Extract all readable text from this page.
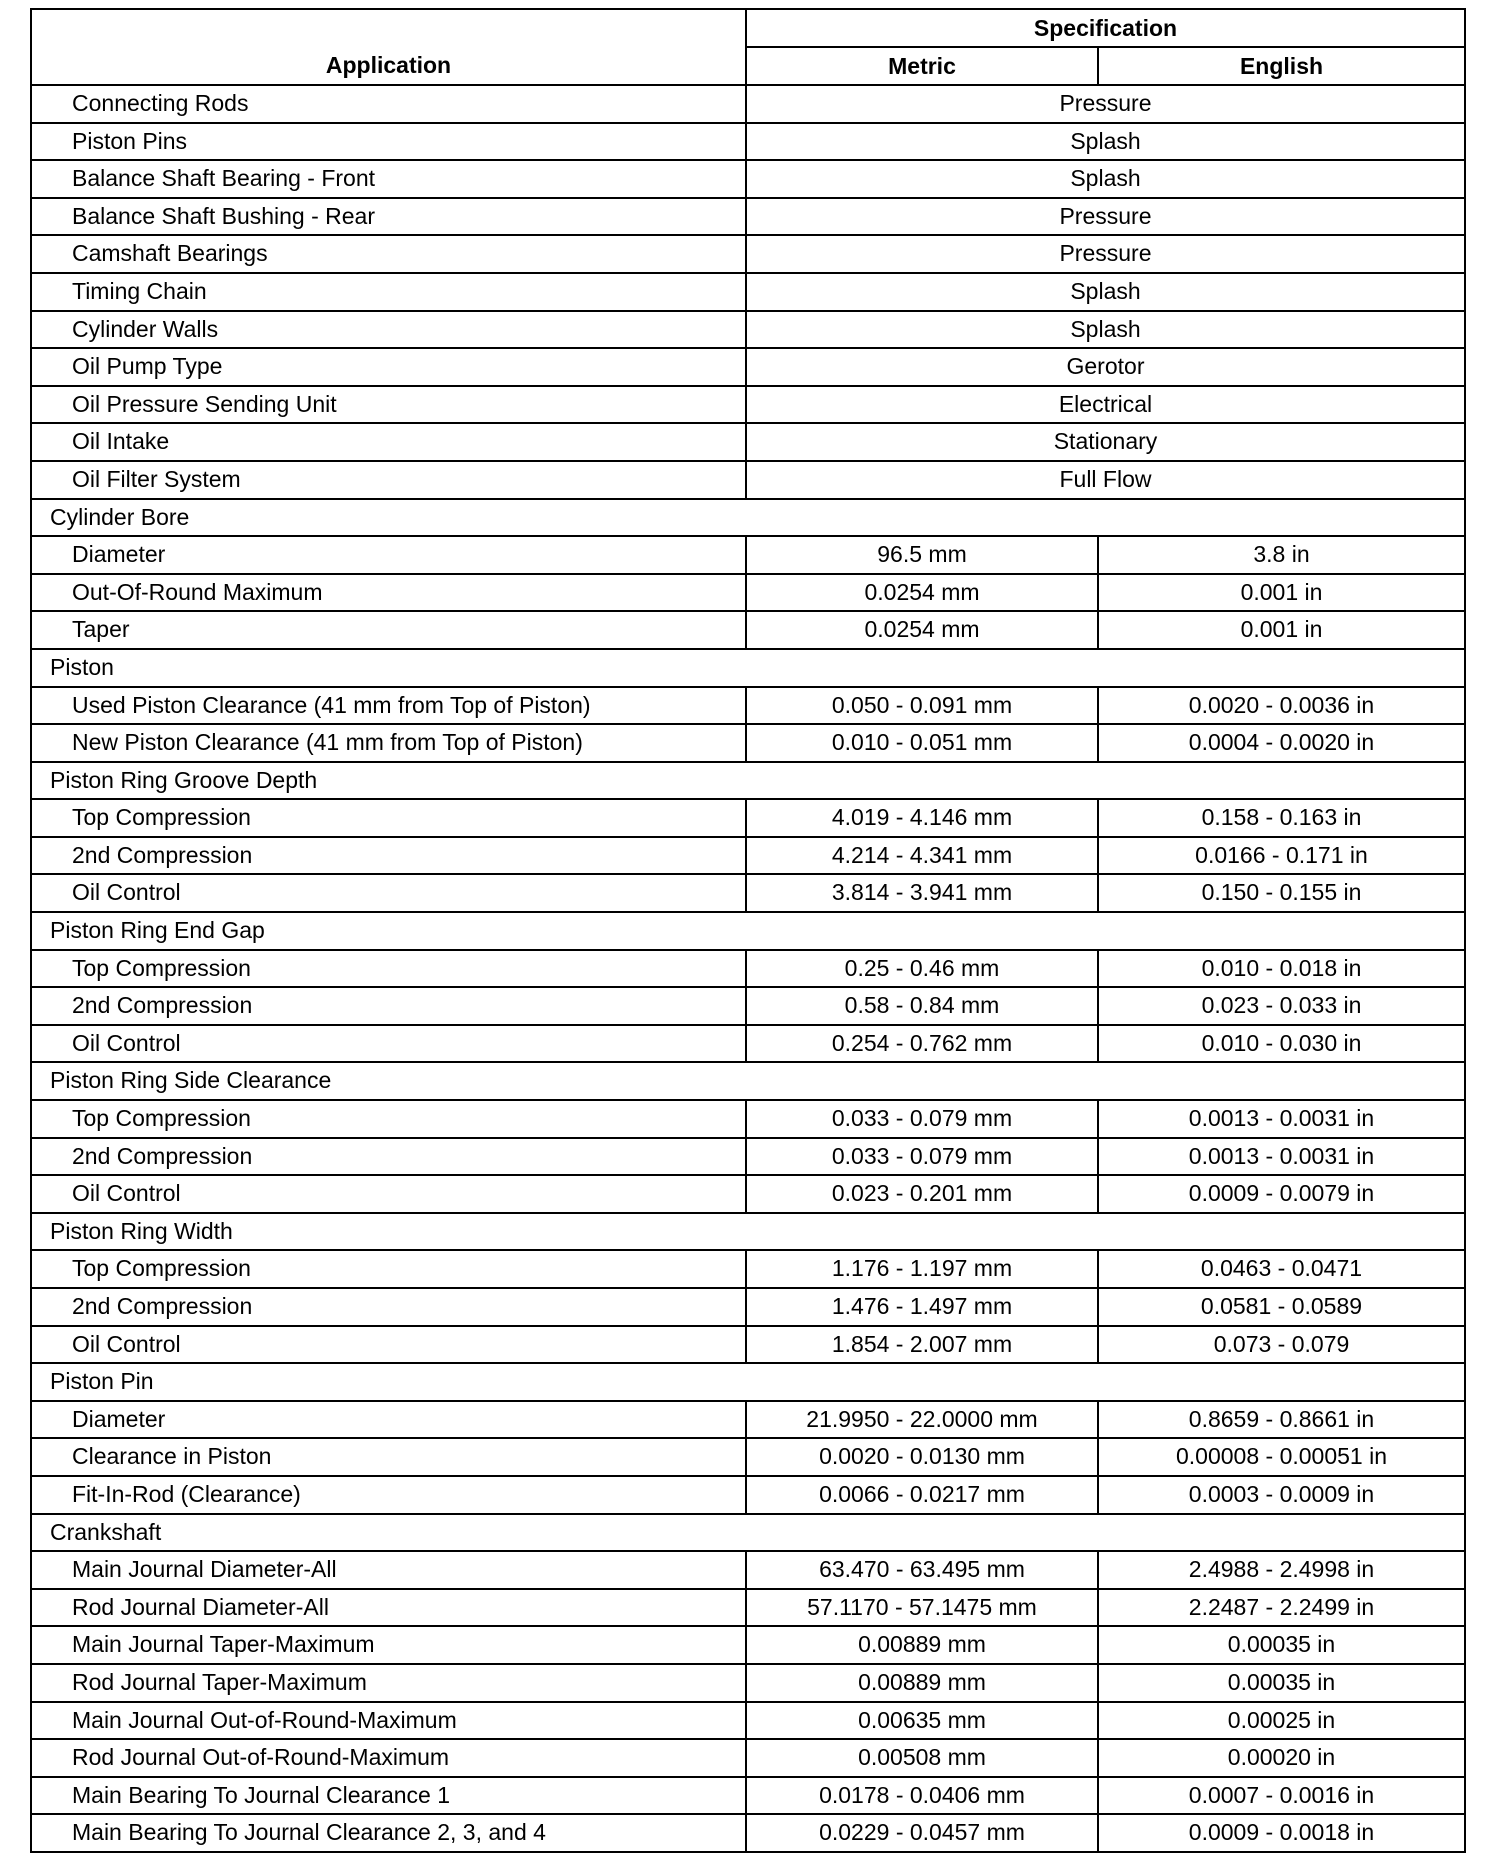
Application	Specification	
	Metric	English
Connecting Rods	Pressure	
Piston Pins	Splash	
Balance Shaft Bearing - Front	Splash	
Balance Shaft Bushing - Rear	Pressure	
Camshaft Bearings	Pressure	
Timing Chain	Splash	
Cylinder Walls	Splash	
Oil Pump Type	Gerotor	
Oil Pressure Sending Unit	Electrical	
Oil Intake	Stationary	
Oil Filter System	Full Flow	
Cylinder Bore		
Diameter	96.5 mm	3.8 in
Out-Of-Round Maximum	0.0254 mm	0.001 in
Taper	0.0254 mm	0.001 in
Piston		
Used Piston Clearance (41 mm from Top of Piston)	0.050 - 0.091 mm	0.0020 - 0.0036 in
New Piston Clearance (41 mm from Top of Piston)	0.010 - 0.051 mm	0.0004 - 0.0020 in
Piston Ring Groove Depth		
Top Compression	4.019 - 4.146 mm	0.158 - 0.163 in
2nd Compression	4.214 - 4.341 mm	0.0166 - 0.171 in
Oil Control	3.814 - 3.941 mm	0.150 - 0.155 in
Piston Ring End Gap		
Top Compression	0.25 - 0.46 mm	0.010 - 0.018 in
2nd Compression	0.58 - 0.84 mm	0.023 - 0.033 in
Oil Control	0.254 - 0.762 mm	0.010 - 0.030 in
Piston Ring Side Clearance		
Top Compression	0.033 - 0.079 mm	0.0013 - 0.0031 in
2nd Compression	0.033 - 0.079 mm	0.0013 - 0.0031 in
Oil Control	0.023 - 0.201 mm	0.0009 - 0.0079 in
Piston Ring Width		
Top Compression	1.176 - 1.197 mm	0.0463 - 0.0471
2nd Compression	1.476 - 1.497 mm	0.0581 - 0.0589
Oil Control	1.854 - 2.007 mm	0.073 - 0.079
Piston Pin		
Diameter	21.9950 - 22.0000 mm	0.8659 - 0.8661 in
Clearance in Piston	0.0020 - 0.0130 mm	0.00008 - 0.00051 in
Fit-In-Rod (Clearance)	0.0066 - 0.0217 mm	0.0003 - 0.0009 in
Crankshaft		
Main Journal Diameter-All	63.470 - 63.495 mm	2.4988 - 2.4998 in
Rod Journal Diameter-All	57.1170 - 57.1475 mm	2.2487 - 2.2499 in
Main Journal Taper-Maximum	0.00889 mm	0.00035 in
Rod Journal Taper-Maximum	0.00889 mm	0.00035 in
Main Journal Out-of-Round-Maximum	0.00635 mm	0.00025 in
Rod Journal Out-of-Round-Maximum	0.00508 mm	0.00020 in
Main Bearing To Journal Clearance 1	0.0178 - 0.0406 mm	0.0007 - 0.0016 in
Main Bearing To Journal Clearance 2, 3, and 4	0.0229 - 0.0457 mm	0.0009 - 0.0018 in
